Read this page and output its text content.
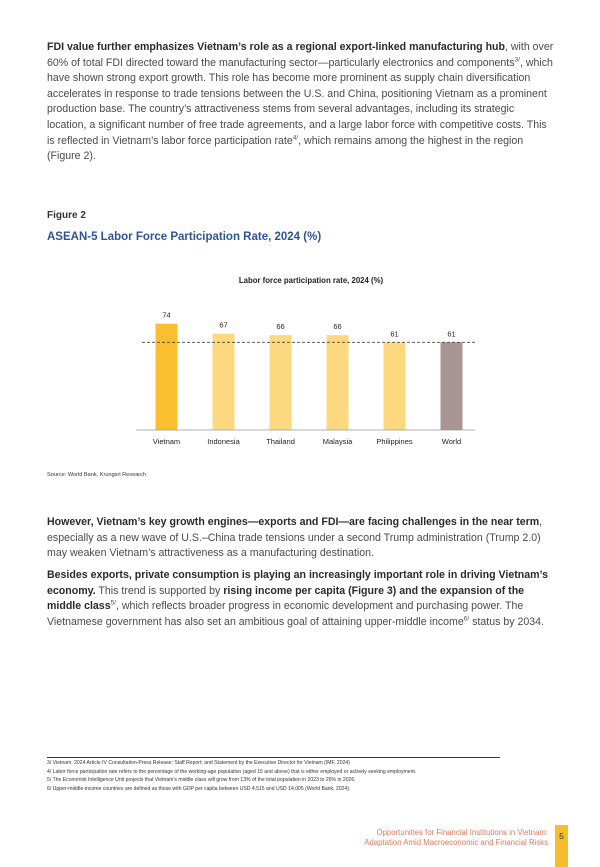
FDI value further emphasizes Vietnam’s role as a regional export-linked manufacturing hub, with over 60% of total FDI directed toward the manufacturing sector—particularly electronics and components$^{3/}$, which have shown strong export growth. This role has become more prominent as supply chain diversification accelerates in response to trade tensions between the U.S. and China, positioning Vietnam as a prominent production base. The country’s attractiveness stems from several advantages, including its strategic location, a significant number of free trade agreements, and a large labor force with competitive costs. This is reflected in Vietnam’s labor force participation rate$^{4/}$, which remains among the highest in the region (Figure 2).

Figure 2

ASEAN-5 Labor Force Participation Rate, 2024 (%)

Labor force participation rate, 2024 (%)
74
Vietnam
67
Indonesia
66
Thailand
66
Malaysia
61
Philippines
61
World

Source: World Bank, Krungsri Research

However, Vietnam’s key growth engines—exports and FDI—are facing challenges in the near term, especially as a new wave of U.S.–China trade tensions under a second Trump administration (Trump 2.0) may weaken Vietnam’s attractiveness as a manufacturing destination.

Besides exports, private consumption is playing an increasingly important role in driving Vietnam’s economy. This trend is supported by rising income per capita (Figure 3) and the expansion of the middle class$^{5/}$, which reflects broader progress in economic development and purchasing power. The Vietnamese government has also set an ambitious goal of attaining upper-middle income$^{6/}$ status by 2034.

3/ Vietnam: 2024 Article IV Consultation-Press Release; Staff Report; and Statement by the Executive Director for Vietnam (IMF, 2024)
4/ Labor force participation rate refers to the percentage of the working-age population (aged 15 and above) that is either employed or actively seeking employment.
5/ The Economist Intelligence Unit projects that Vietnam’s middle class will grow from 13% of the total population in 2023 to 26% in 2026.
6/ Upper-middle-income countries are defined as those with GDP per capita between USD 4,515 and USD 14,005 (World Bank, 2024).
Opportunities for Financial Institutions in Vietnam:
Adaptation Amid Macroeconomic and Financial Risks
5
